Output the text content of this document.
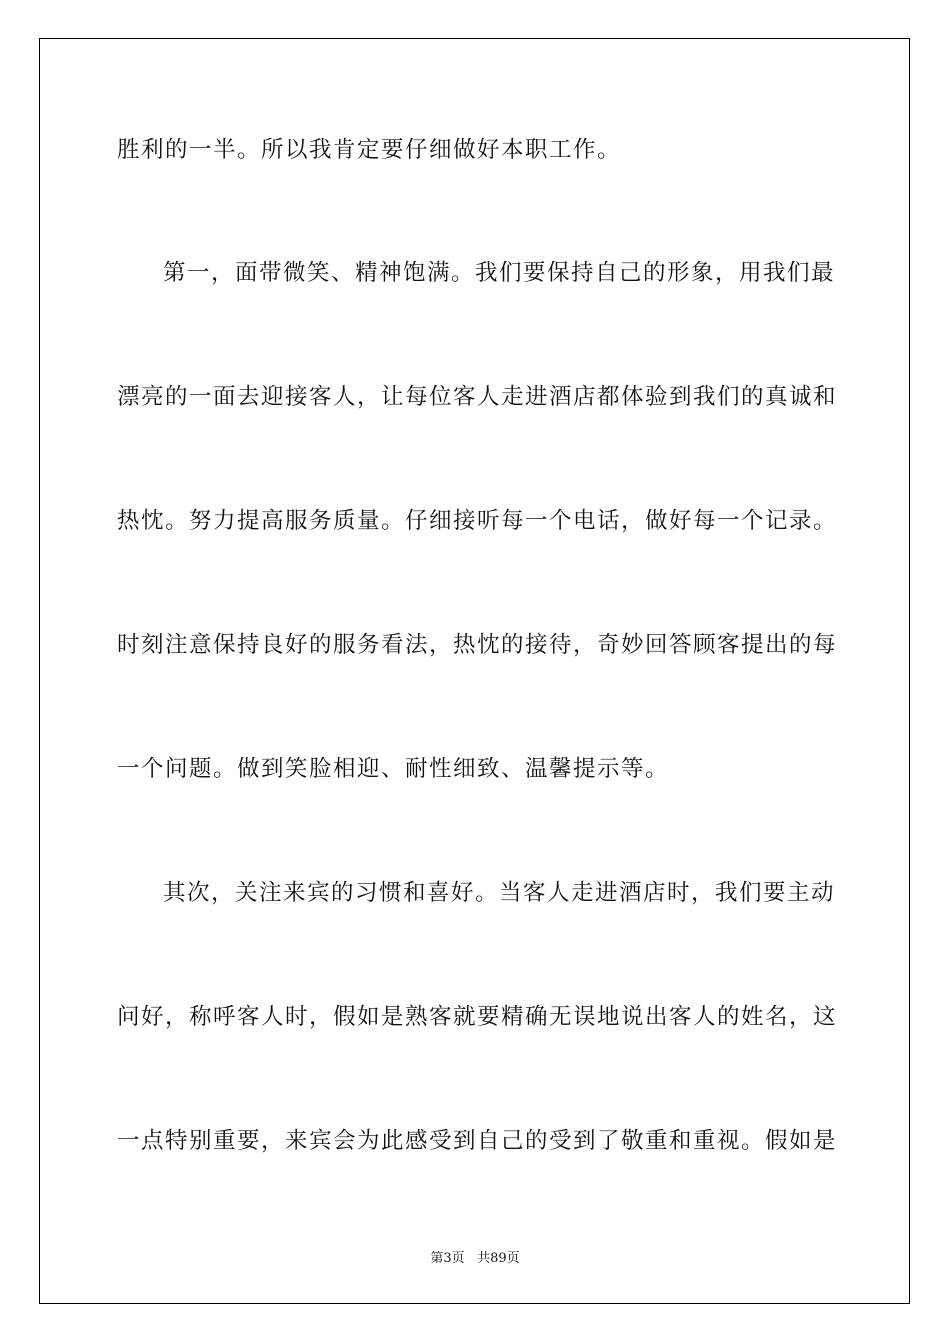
胜利的一半。所以我肯定要仔细做好本职工作。
第一，面带微笑、精神饱满。我们要保持自己的形象，用我们最
漂亮的一面去迎接客人，让每位客人走进酒店都体验到我们的真诚和
热忱。努力提高服务质量。仔细接听每一个电话，做好每一个记录。
时刻注意保持良好的服务看法，热忱的接待，奇妙回答顾客提出的每
一个问题。做到笑脸相迎、耐性细致、温馨提示等。
其次，关注来宾的习惯和喜好。当客人走进酒店时，我们要主动
问好，称呼客人时，假如是熟客就要精确无误地说出客人的姓名，这
一点特别重要，来宾会为此感受到自己的受到了敬重和重视。假如是
第3页 共89页
